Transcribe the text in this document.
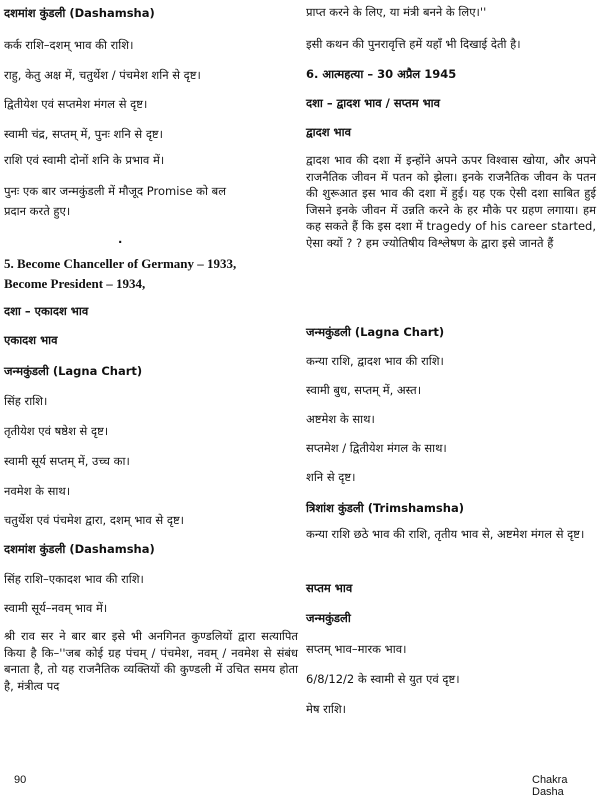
दशमांश कुंडली (Dashamsha)
कर्क राशि–दशम् भाव की राशि।
राहु, केतु अक्ष में, चतुर्थेश / पंचमेश शनि से दृष्ट।
द्वितीयेश एवं सप्तमेश मंगल से दृष्ट।
स्वामी चंद्र, सप्तम् में, पुनः शनि से दृष्ट।
राशि एवं स्वामी दोनों शनि के प्रभाव में।
पुनः एक बार जन्मकुंडली में मौजूद Promise को बल
प्रदान करते हुए।
.
5. Become Chanceller of Germany – 1933,
Become President – 1934,
दशा – एकादश भाव
एकादश भाव
जन्मकुंडली (Lagna Chart)
सिंह राशि।
तृतीयेश एवं षष्ठेश से दृष्ट।
स्वामी सूर्य सप्तम् में, उच्च का।
नवमेश के साथ।
चतुर्थेश एवं पंचमेश द्वारा, दशम् भाव से दृष्ट।
दशमांश कुंडली (Dashamsha)
सिंह राशि–एकादश भाव की राशि।
स्वामी सूर्य–नवम् भाव में।
श्री राव सर ने बार बार इसे भी अनगिनत कुण्डलियों द्वारा सत्यापित किया है कि–''जब कोई ग्रह पंचम् / पंचमेश, नवम् / नवमेश से संबंध बनाता है, तो यह राजनैतिक व्यक्तियों की कुण्डली में उचित समय होता है, मंत्रीत्व पद
प्राप्त करने के लिए, या मंत्री बनने के लिए।''
इसी कथन की पुनरावृत्ति हमें यहाँ भी दिखाई देती है।
6. आत्महत्या – 30 अप्रैल 1945
दशा – द्वादश भाव / सप्तम भाव
द्वादश भाव
द्वादश भाव की दशा में इन्होंने अपने ऊपर विश्वास खोया, और अपने राजनैतिक जीवन में पतन को झेला। इनके राजनैतिक जीवन के पतन की शुरूआत इस भाव की दशा में हुई। यह एक ऐसी दशा साबित हुई जिसने इनके जीवन में उन्नति करने के हर मौके पर ग्रहण लगाया। हम कह सकते हैं कि इस दशा में tragedy of his career started, ऐसा क्यों ? ? हम ज्योतिषीय विश्लेषण के द्वारा इसे जानते हैं
जन्मकुंडली (Lagna Chart)
कन्या राशि, द्वादश भाव की राशि।
स्वामी बुध, सप्तम् में, अस्त।
अष्टमेश के साथ।
सप्तमेश / द्वितीयेश मंगल के साथ।
शनि से दृष्ट।
त्रिशांश कुंडली (Trimshamsha)
कन्या राशि छठे भाव की राशि, तृतीय भाव से, अष्टमेश मंगल से दृष्ट।
सप्तम भाव
जन्मकुंडली
सप्तम् भाव–मारक भाव।
6/8/12/2 के स्वामी से युत एवं दृष्ट।
मेष राशि।
90	Chakra Dasha
